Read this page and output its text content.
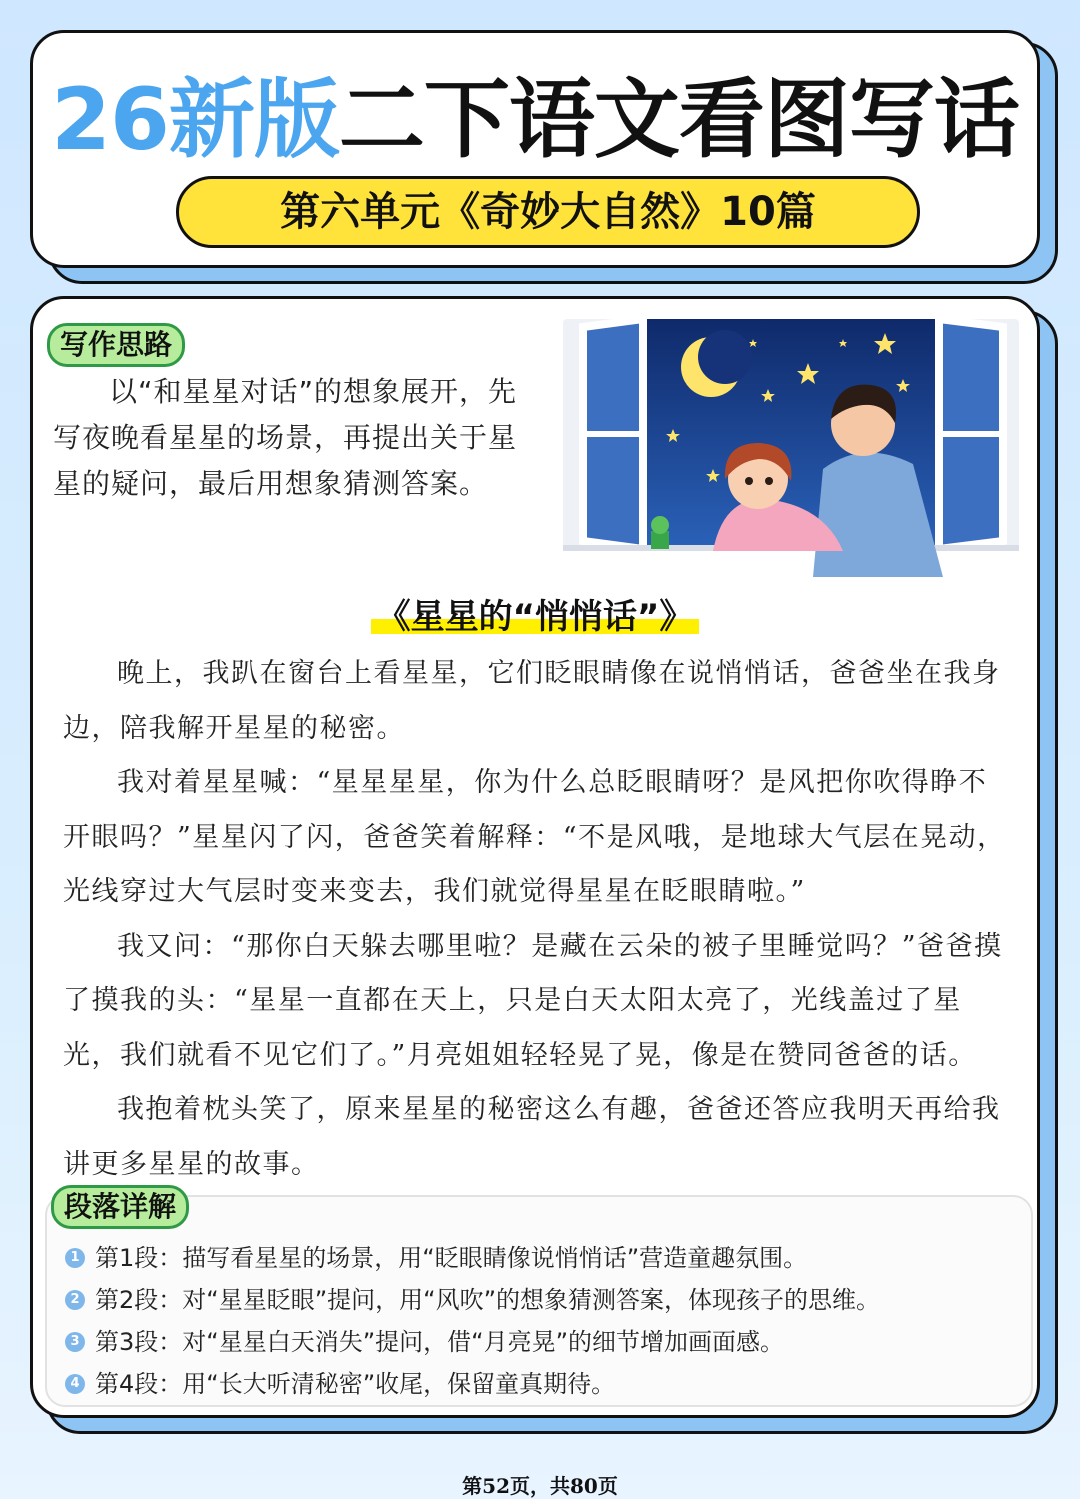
26新版二下语文看图写话
第六单元《奇妙大自然》10篇
写作思路
以“和星星对话”的想象展开，先写夜晚看星星的场景，再提出关于星星的疑问，最后用想象猜测答案。
《星星的“悄悄话”》

晚上，我趴在窗台上看星星，它们眨眼睛像在说悄悄话，爸爸坐在我身边，陪我解开星星的秘密。

我对着星星喊：“星星星星，你为什么总眨眼睛呀？是风把你吹得睁不开眼吗？”星星闪了闪，爸爸笑着解释：“不是风哦，是地球大气层在晃动，光线穿过大气层时变来变去，我们就觉得星星在眨眼睛啦。”

我又问：“那你白天躲去哪里啦？是藏在云朵的被子里睡觉吗？”爸爸摸了摸我的头：“星星一直都在天上，只是白天太阳太亮了，光线盖过了星光，我们就看不见它们了。”月亮姐姐轻轻晃了晃，像是在赞同爸爸的话。

我抱着枕头笑了，原来星星的秘密这么有趣，爸爸还答应我明天再给我讲更多星星的故事。

1 第1段：描写看星星的场景，用“眨眼睛像说悄悄话”营造童趣氛围。
2 第2段：对“星星眨眼”提问，用“风吹”的想象猜测答案，体现孩子的思维。
3 第3段：对“星星白天消失”提问，借“月亮晃”的细节增加画面感。
4 第4段：用“长大听清秘密”收尾，保留童真期待。
段落详解
第52页，共80页
